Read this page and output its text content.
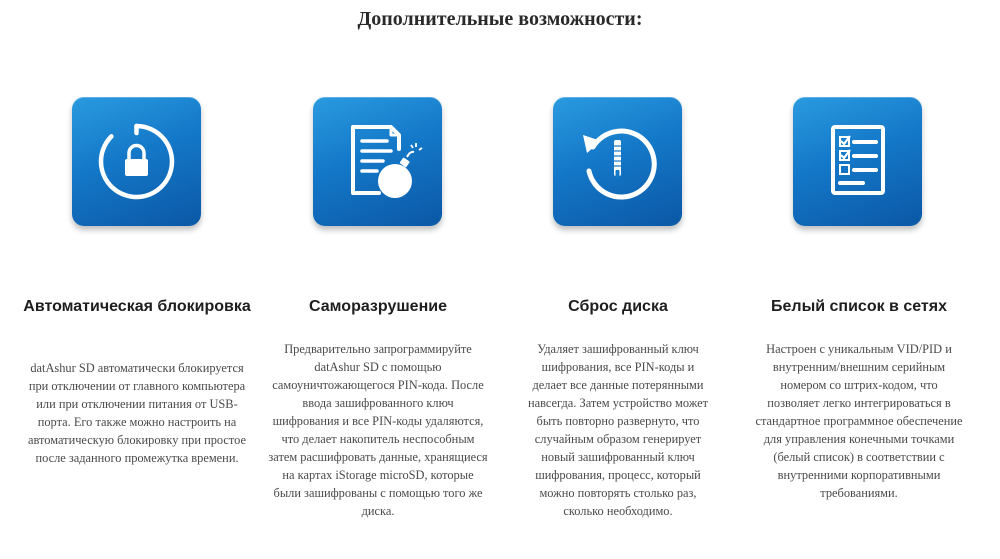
Дополнительные возможности:
Автоматическая блокировка

datAshur SD автоматически блокируется при отключении от главного компьютера или при отключении питания от USB-порта. Его также можно настроить на автоматическую блокировку при простое после заданного промежутка времени.

Саморазрушение

Предварительно запрограммируйте datAshur SD с помощью самоуничтожающегося PIN-кода. После ввода зашифрованного ключ шифрования и все PIN-коды удаляются, что делает накопитель неспособным затем расшифровать данные, хранящиеся на картах iStorage microSD, которые были зашифрованы с помощью того же диска.

Сброс диска

Удаляет зашифрованный ключ шифрования, все PIN-коды и делает все данные потерянными навсегда. Затем устройство может быть повторно развернуто, что случайным образом генерирует новый зашифрованный ключ шифрования, процесс, который можно повторять столько раз, сколько необходимо.

Белый список в сетях

Настроен с уникальным VID/PID и внутренним/внешним серийным номером со штрих-кодом, что позволяет легко интегрироваться в стандартное программное обеспечение для управления конечными точками (белый список) в соответствии с внутренними корпоративными требованиями.
